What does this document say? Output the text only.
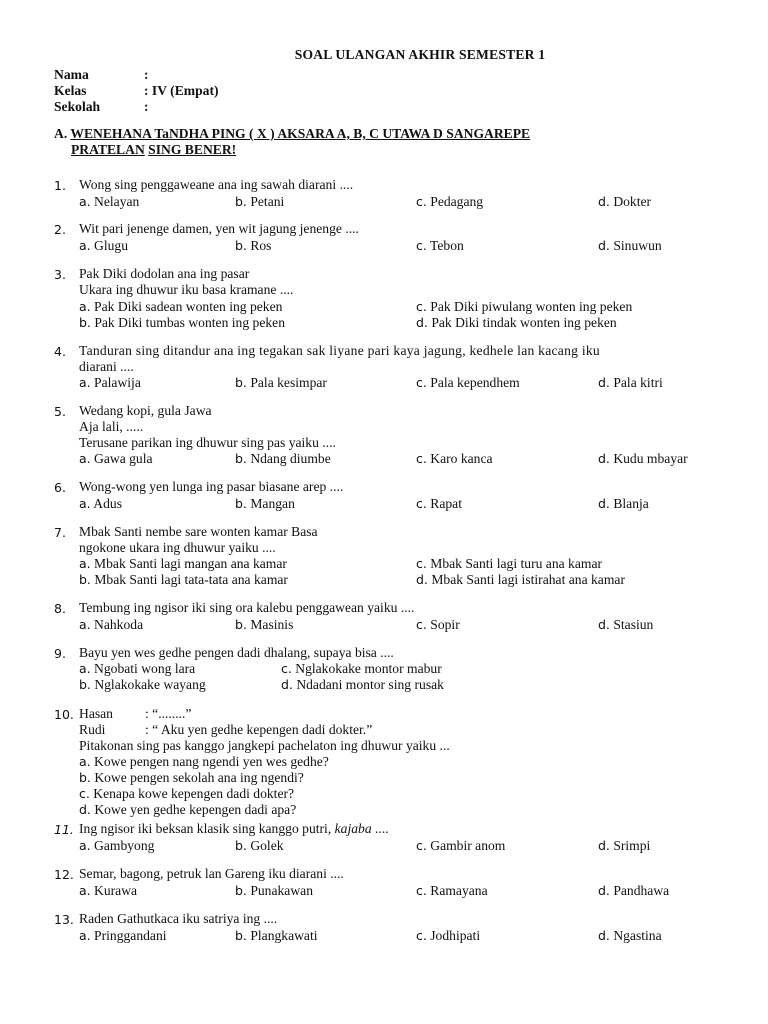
SOAL ULANGAN AKHIR SEMESTER 1
Nama	:
Kelas	: IV (Empat)
Sekolah	:
A. WENEHANA TaNDHA PING ( X ) AKSARA A, B, C UTAWA D SANGAREPE
PRATELAN SING BENER!
1. Wong sing penggaweane ana ing sawah diarani ....
a. Nelayan	b. Petani	c. Pedagang	d. Dokter
2. Wit pari jenenge damen, yen wit jagung jenenge ....
a. Glugu	b. Ros	c. Tebon	d. Sinuwun
3. Pak Diki dodolan ana ing pasar
Ukara ing dhuwur iku basa kramane ....
a. Pak Diki sadean wonten ing peken
b. Pak Diki tumbas wonten ing peken
c. Pak Diki piwulang wonten ing peken
d. Pak Diki tindak wonten ing peken
4. Tanduran sing ditandur ana ing tegakan sak liyane pari kaya jagung, kedhele lan kacang iku
diarani ....
a. Palawija	b. Pala kesimpar	c. Pala kependhem	d. Pala kitri
5. Wedang kopi, gula Jawa
Aja lali, .....
Terusane parikan ing dhuwur sing pas yaiku ....
a. Gawa gula	b. Ndang diumbe	c. Karo kanca	d. Kudu mbayar
6. Wong-wong yen lunga ing pasar biasane arep ....
a. Adus	b. Mangan	c. Rapat	d. Blanja
7. Mbak Santi nembe sare wonten kamar Basa
ngokone ukara ing dhuwur yaiku ....
a. Mbak Santi lagi mangan ana kamar
b. Mbak Santi lagi tata-tata ana kamar
c. Mbak Santi lagi turu ana kamar
d. Mbak Santi lagi istirahat ana kamar
8. Tembung ing ngisor iki sing ora kalebu penggawean yaiku ....
a. Nahkoda	b. Masinis	c. Sopir	d. Stasiun
9. Bayu yen wes gedhe pengen dadi dhalang, supaya bisa ....
a. Ngobati wong lara
b. Nglakokake wayang
c. Nglakokake montor mabur
d. Ndadani montor sing rusak
10. Hasan : “........”
Rudi	: “ Aku yen gedhe kepengen dadi dokter.”
Pitakonan sing pas kanggo jangkepi pachelaton ing dhuwur yaiku ...
a. Kowe pengen nang ngendi yen wes gedhe?
b. Kowe pengen sekolah ana ing ngendi?
c. Kenapa kowe kepengen dadi dokter?
d. Kowe yen gedhe kepengen dadi apa?
11. Ing ngisor iki beksan klasik sing kanggo putri, kajaba ....
a. Gambyong	b. Golek	c. Gambir anom	d. Srimpi
12. Semar, bagong, petruk lan Gareng iku diarani ....
a. Kurawa	b. Punakawan	c. Ramayana	d. Pandhawa
13. Raden Gathutkaca iku satriya ing ....
a. Pringgandani	b. Plangkawati	c. Jodhipati	d. Ngastina
